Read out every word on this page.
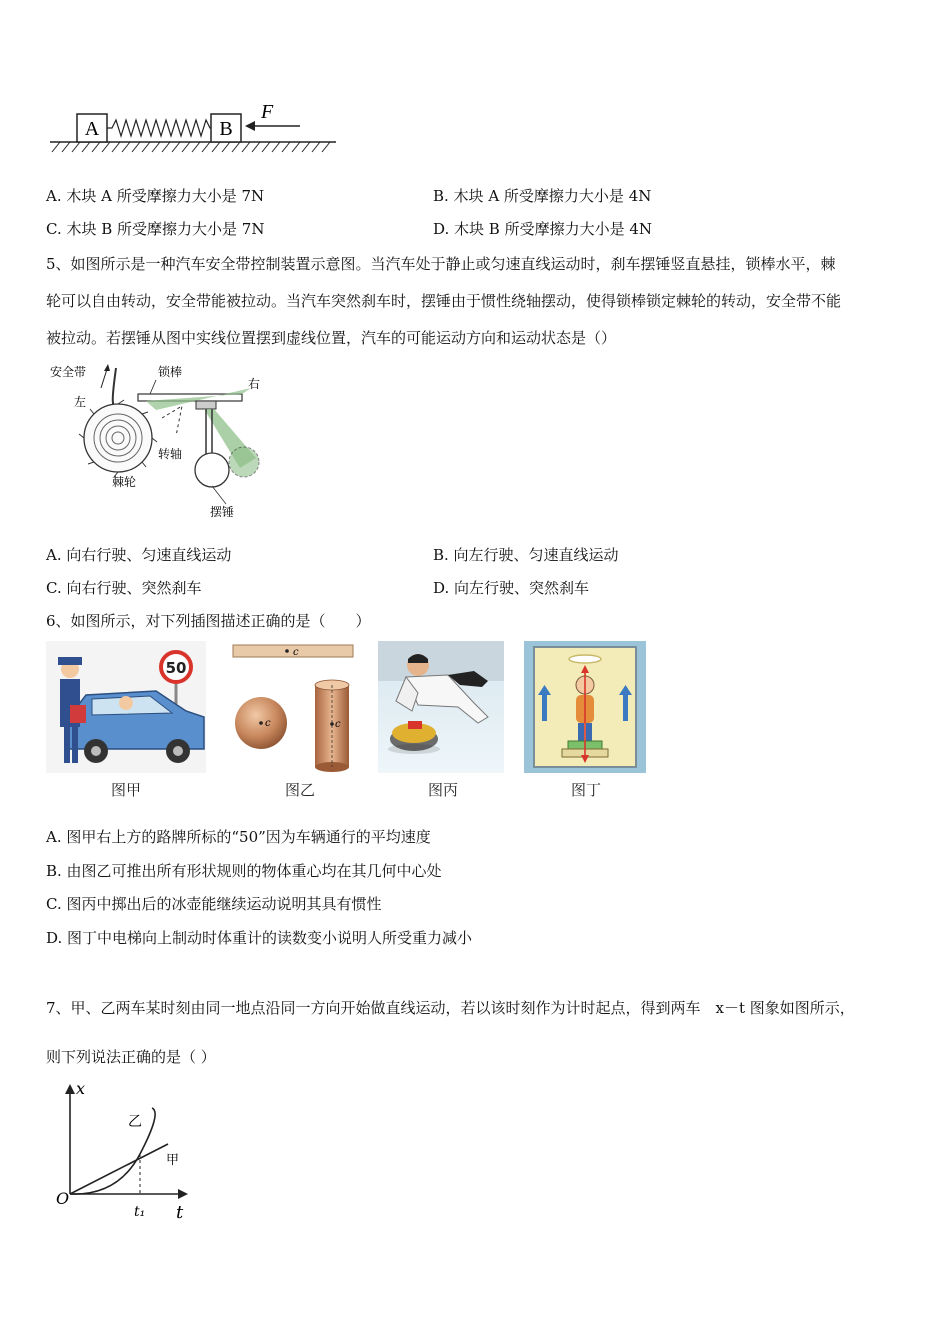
A	B
F
A. 木块 A 所受摩擦力大小是 7N	B. 木块 A 所受摩擦力大小是 4N
C. 木块 B 所受摩擦力大小是 7N	D. 木块 B 所受摩擦力大小是 4N
5、如图所示是一种汽车安全带控制装置示意图。当汽车处于静止或匀速直线运动时，刹车摆锤竖直悬挂，锁棒水平，棘
轮可以自由转动，安全带能被拉动。当汽车突然刹车时，摆锤由于惯性绕轴摆动，使得锁棒锁定棘轮的转动，安全带不能
被拉动。若摆锤从图中实线位置摆到虚线位置，汽车的可能运动方向和运动状态是（）
安全带
左
棘轮
锁棒
右
转轴
摆锤
A. 向右行驶、匀速直线运动	B. 向左行驶、匀速直线运动
C. 向右行驶、突然刹车	D. 向左行驶、突然刹车
6、如图所示，对下列插图描述正确的是（　　）
50
图甲
c
c	c
图乙	图丙	图丁
A. 图甲右上方的路牌所标的“50”因为车辆通行的平均速度
B. 由图乙可推出所有形状规则的物体重心均在其几何中心处
C. 图丙中掷出后的冰壶能继续运动说明其具有惯性
D. 图丁中电梯向上制动时体重计的读数变小说明人所受重力减小
7、甲、乙两车某时刻由同一地点沿同一方向开始做直线运动，若以该时刻作为计时起点，得到两车　x－t 图象如图所示，
则下列说法正确的是（ ）
x
t
O
t₁
乙
甲
